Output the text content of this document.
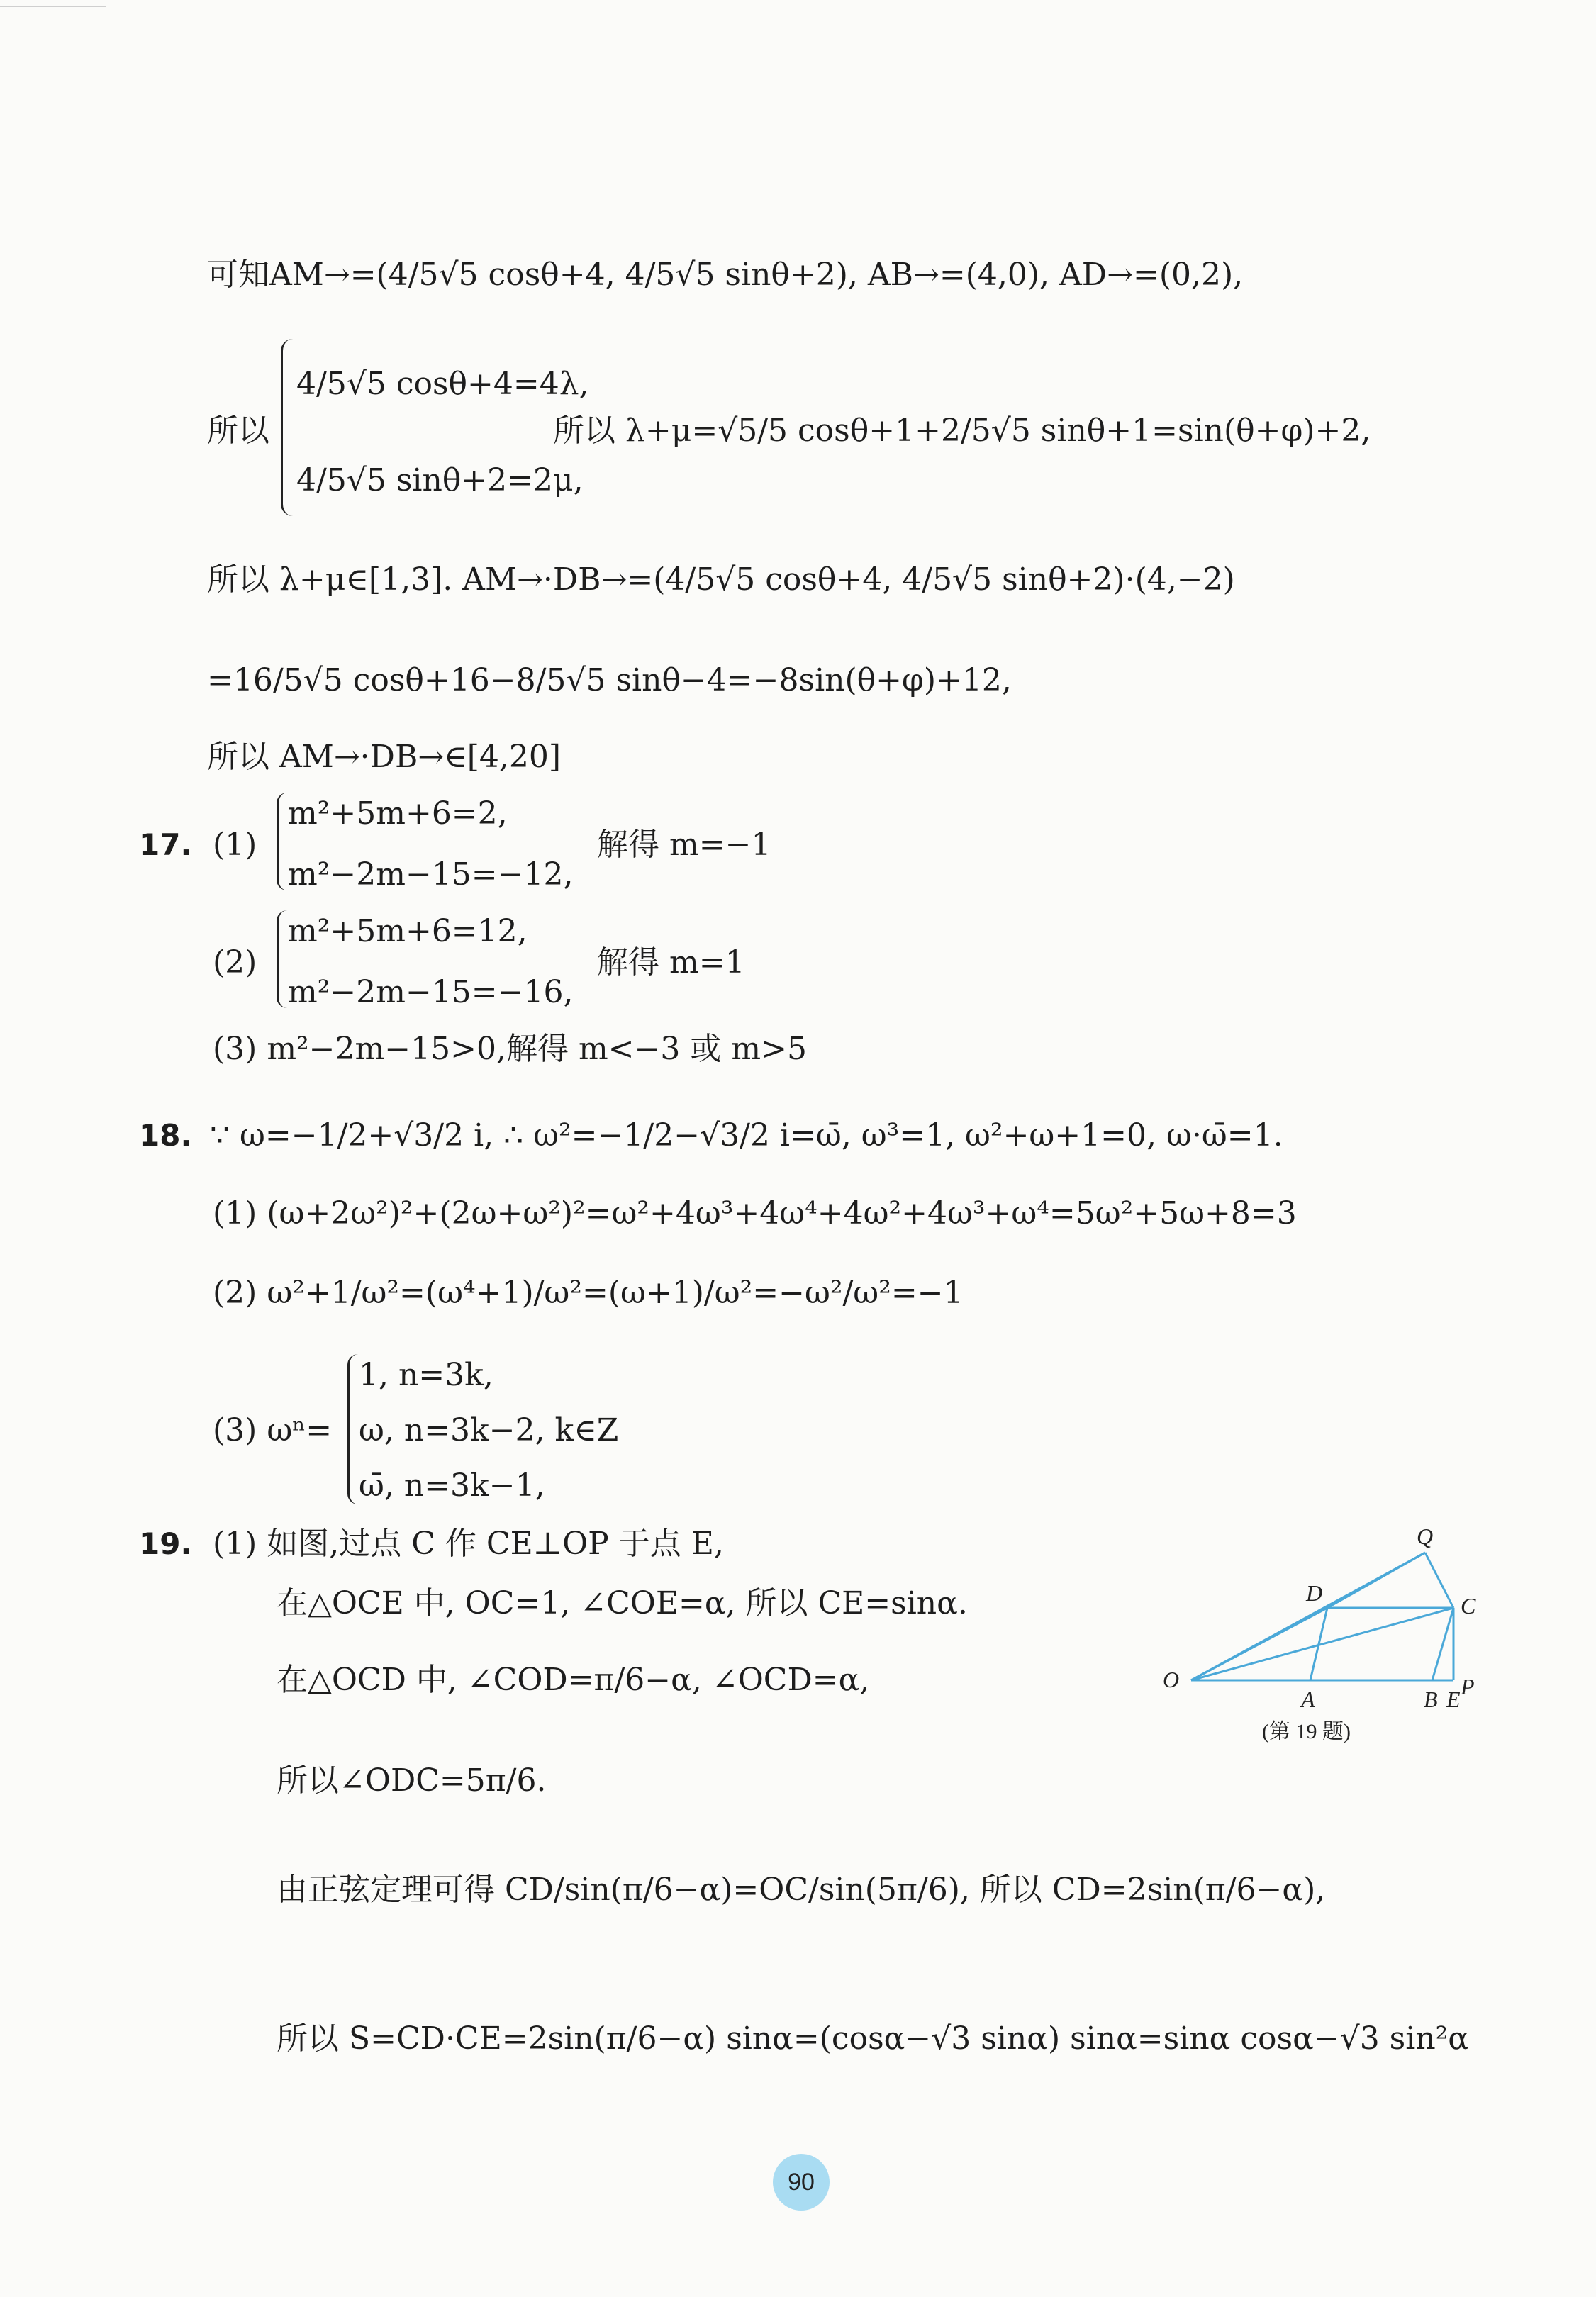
可知AM→=(4/5√5 cosθ+4, 4/5√5 sinθ+2), AB→=(4,0), AD→=(0,2),
所以
4/5√5 cosθ+4=4λ,
4/5√5 sinθ+2=2μ,
所以 λ+μ=√5/5 cosθ+1+2/5√5 sinθ+1=sin(θ+φ)+2,
所以 λ+μ∈[1,3]. AM→·DB→=(4/5√5 cosθ+4, 4/5√5 sinθ+2)·(4,−2)
=16/5√5 cosθ+16−8/5√5 sinθ−4=−8sin(θ+φ)+12,
所以 AM→·DB→∈[4,20]
17. (1)
m²+5m+6=2,
m²−2m−15=−12,
解得 m=−1
(2)
m²+5m+6=12,
m²−2m−15=−16,
解得 m=1
(3) m²−2m−15>0,解得 m<−3 或 m>5
18. ∵ ω=−1/2+√3/2 i, ∴ ω²=−1/2−√3/2 i=ω̄, ω³=1, ω²+ω+1=0, ω·ω̄=1.
(1) (ω+2ω²)²+(2ω+ω²)²=ω²+4ω³+4ω⁴+4ω²+4ω³+ω⁴=5ω²+5ω+8=3
(2) ω²+1/ω²=(ω⁴+1)/ω²=(ω+1)/ω²=−ω²/ω²=−1
(3) ωⁿ=
1, n=3k,
ω, n=3k−2, k∈Z
ω̄, n=3k−1,
19. (1) 如图,过点 C 作 CE⊥OP 于点 E,
在△OCE 中, OC=1, ∠COE=α, 所以 CE=sinα.
在△OCD 中, ∠COD=π/6−α, ∠OCD=α,
所以∠ODC=5π/6.
由正弦定理可得 CD/sin(π/6−α)=OC/sin(5π/6), 所以 CD=2sin(π/6−α),
所以 S=CD·CE=2sin(π/6−α) sinα=(cosα−√3 sinα) sinα=sinα cosα−√3 sin²α
O
A	B E P
C
D
Q
(第 19 题)
90
